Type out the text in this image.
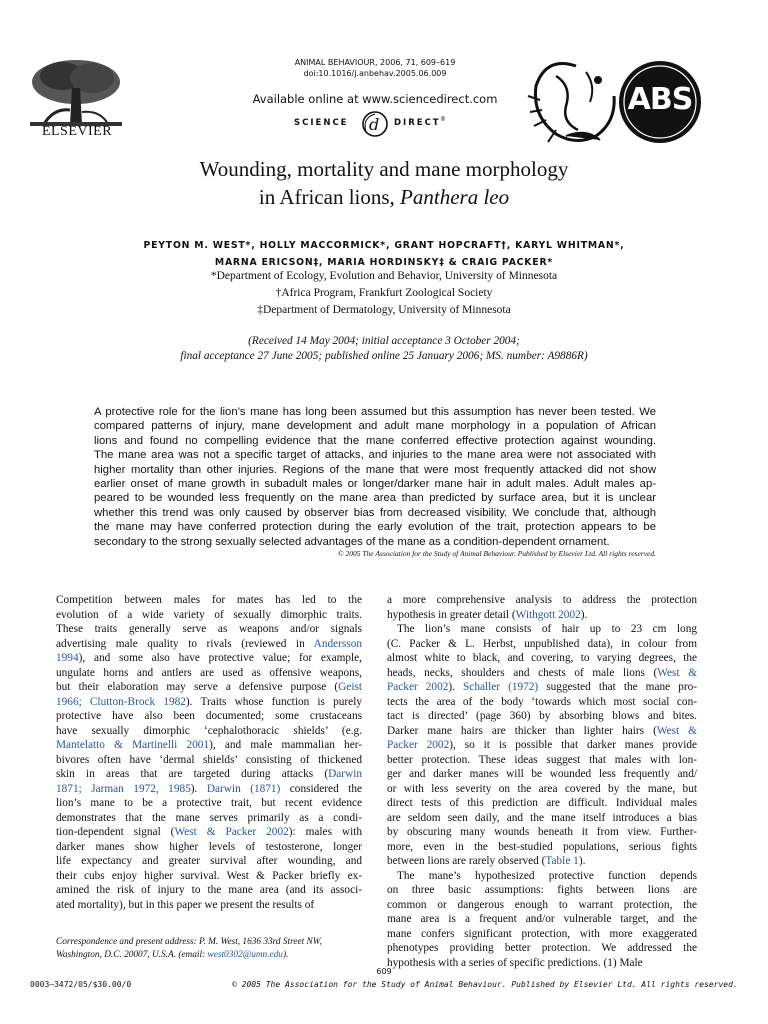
ELSEVIER
ANIMAL BEHAVIOUR, 2006, 71, 609–619
doi:10.1016/j.anbehav.2005.06.009
Available online at www.sciencedirect.com
SCIENCE d DIRECT ®
ABS
Wounding, mortality and mane morphology
in African lions, Panthera leo
PEYTON M. WEST*, HOLLY MACCORMICK*, GRANT HOPCRAFT†, KARYL WHITMAN*,
MARNA ERICSON‡, MARIA HORDINSKY‡ & CRAIG PACKER*
*Department of Ecology, Evolution and Behavior, University of Minnesota
†Africa Program, Frankfurt Zoological Society
‡Department of Dermatology, University of Minnesota
(Received 14 May 2004; initial acceptance 3 October 2004;
final acceptance 27 June 2005; published online 25 January 2006; MS. number: A9886R)
A protective role for the lion’s mane has long been assumed but this assumption has never been tested. We
compared patterns of injury, mane development and adult mane morphology in a population of African
lions and found no compelling evidence that the mane conferred effective protection against wounding.
The mane area was not a specific target of attacks, and injuries to the mane area were not associated with
higher mortality than other injuries. Regions of the mane that were most frequently attacked did not show
earlier onset of mane growth in subadult males or longer/darker mane hair in adult males. Adult males ap-
peared to be wounded less frequently on the mane area than predicted by surface area, but it is unclear
whether this trend was only caused by observer bias from decreased visibility. We conclude that, although
the mane may have conferred protection during the early evolution of the trait, protection appears to be
secondary to the strong sexually selected advantages of the mane as a condition-dependent ornament.
© 2005 The Association for the Study of Animal Behaviour. Published by Elsevier Ltd. All rights reserved.
Competition between males for mates has led to the
evolution of a wide variety of sexually dimorphic traits.
These traits generally serve as weapons and/or signals
advertising male quality to rivals (reviewed in Andersson
1994), and some also have protective value; for example,
ungulate horns and antlers are used as offensive weapons,
but their elaboration may serve a defensive purpose (Geist
1966; Clutton-Brock 1982). Traits whose function is purely
protective have also been documented; some crustaceans
have sexually dimorphic ‘cephalothoracic shields’ (e.g.
Mantelatto & Martinelli 2001), and male mammalian her-
bivores often have ‘dermal shields’ consisting of thickened
skin in areas that are targeted during attacks (Darwin
1871; Jarman 1972, 1985). Darwin (1871) considered the
lion’s mane to be a protective trait, but recent evidence
demonstrates that the mane serves primarily as a condi-
tion-dependent signal (West & Packer 2002): males with
darker manes show higher levels of testosterone, longer
life expectancy and greater survival after wounding, and
their cubs enjoy higher survival. West & Packer briefly ex-
amined the risk of injury to the mane area (and its associ-
ated mortality), but in this paper we present the results of
a more comprehensive analysis to address the protection
hypothesis in greater detail (Withgott 2002).
The lion’s mane consists of hair up to 23 cm long
(C. Packer & L. Herbst, unpublished data), in colour from
almost white to black, and covering, to varying degrees, the
heads, necks, shoulders and chests of male lions (West &
Packer 2002). Schaller (1972) suggested that the mane pro-
tects the area of the body ‘towards which most social con-
tact is directed’ (page 360) by absorbing blows and bites.
Darker mane hairs are thicker than lighter hairs (West &
Packer 2002), so it is possible that darker manes provide
better protection. These ideas suggest that males with lon-
ger and darker manes will be wounded less frequently and/
or with less severity on the area covered by the mane, but
direct tests of this prediction are difficult. Individual males
are seldom seen daily, and the mane itself introduces a bias
by obscuring many wounds beneath it from view. Further-
more, even in the best-studied populations, serious fights
between lions are rarely observed (Table 1).
The mane’s hypothesized protective function depends
on three basic assumptions: fights between lions are
common or dangerous enough to warrant protection, the
mane area is a frequent and/or vulnerable target, and the
mane confers significant protection, with more exaggerated
phenotypes providing better protection. We addressed the
hypothesis with a series of specific predictions. (1) Male
Correspondence and present address: P. M. West, 1636 33rd Street NW,
Washington, D.C. 20007, U.S.A. (email: west0302@umn.edu).
609
0003–3472/05/$30.00/0	© 2005 The Association for the Study of Animal Behaviour. Published by Elsevier Ltd. All rights reserved.
